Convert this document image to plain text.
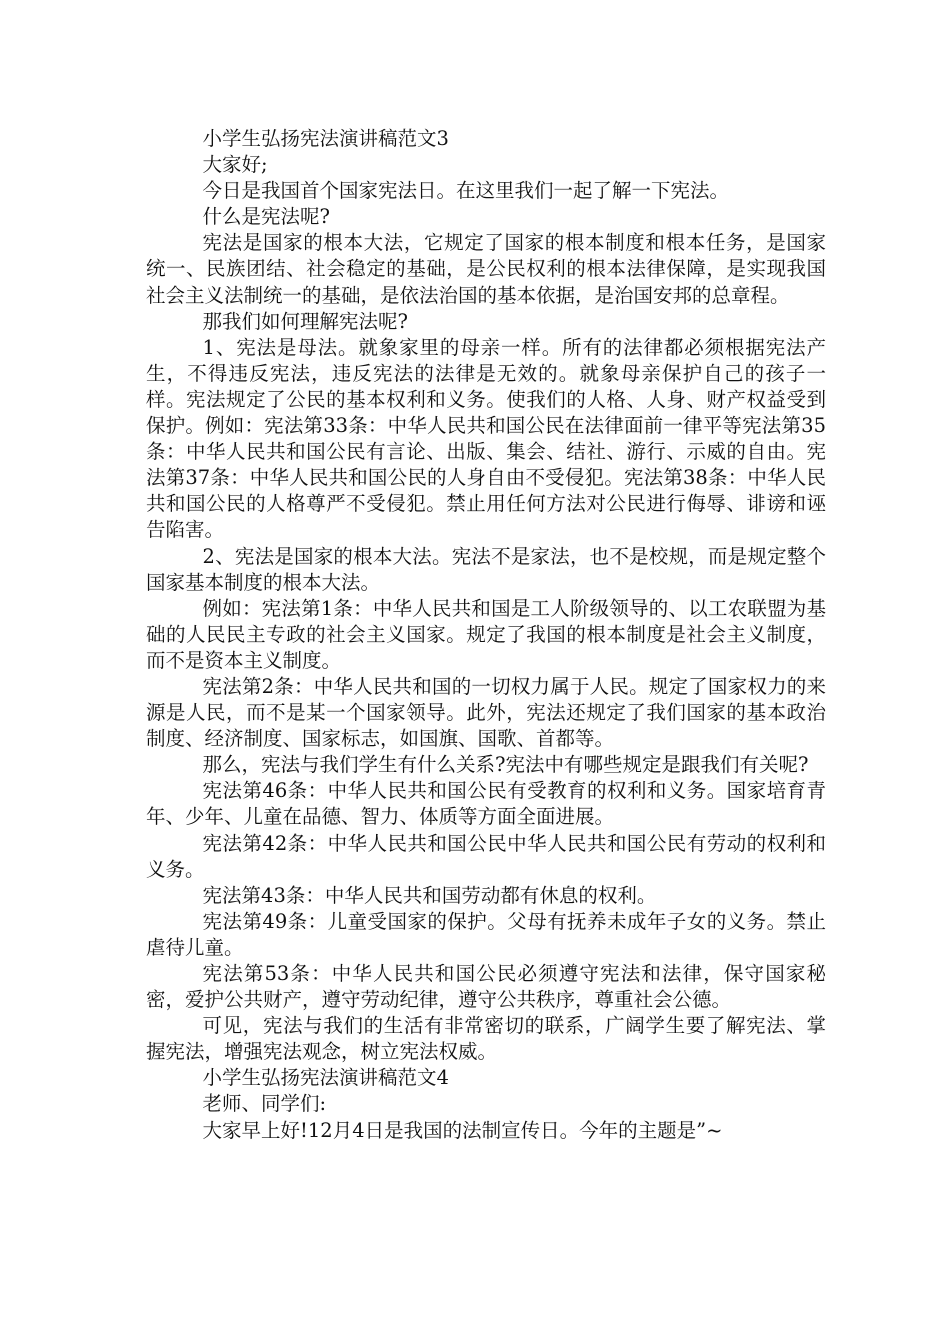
小学生弘扬宪法演讲稿范文3

大家好;

今日是我国首个国家宪法日。在这里我们一起了解一下宪法。

什么是宪法呢?

宪法是国家的根本大法，它规定了国家的根本制度和根本任务，是国家统一、民族团结、社会稳定的基础，是公民权利的根本法律保障，是实现我国社会主义法制统一的基础，是依法治国的基本依据，是治国安邦的总章程。

那我们如何理解宪法呢?

1、宪法是母法。就象家里的母亲一样。所有的法律都必须根据宪法产生，不得违反宪法，违反宪法的法律是无效的。就象母亲保护自己的孩子一样。宪法规定了公民的基本权利和义务。使我们的人格、人身、财产权益受到保护。例如：宪法第33条：中华人民共和国公民在法律面前一律平等宪法第35条：中华人民共和国公民有言论、出版、集会、结社、游行、示威的自由。宪法第37条：中华人民共和国公民的人身自由不受侵犯。宪法第38条：中华人民共和国公民的人格尊严不受侵犯。禁止用任何方法对公民进行侮辱、诽谤和诬告陷害。

2、宪法是国家的根本大法。宪法不是家法，也不是校规，而是规定整个国家基本制度的根本大法。

例如：宪法第1条：中华人民共和国是工人阶级领导的、以工农联盟为基础的人民民主专政的社会主义国家。规定了我国的根本制度是社会主义制度，而不是资本主义制度。

宪法第2条：中华人民共和国的一切权力属于人民。规定了国家权力的来源是人民，而不是某一个国家领导。此外，宪法还规定了我们国家的基本政治制度、经济制度、国家标志，如国旗、国歌、首都等。

那么，宪法与我们学生有什么关系?宪法中有哪些规定是跟我们有关呢?

宪法第46条：中华人民共和国公民有受教育的权利和义务。国家培育青年、少年、儿童在品德、智力、体质等方面全面进展。

宪法第42条：中华人民共和国公民中华人民共和国公民有劳动的权利和义务。

宪法第43条：中华人民共和国劳动都有休息的权利。

宪法第49条：儿童受国家的保护。父母有抚养未成年子女的义务。禁止虐待儿童。

宪法第53条：中华人民共和国公民必须遵守宪法和法律，保守国家秘密，爱护公共财产，遵守劳动纪律，遵守公共秩序，尊重社会公德。

可见，宪法与我们的生活有非常密切的联系，广阔学生要了解宪法、掌握宪法，增强宪法观念，树立宪法权威。

小学生弘扬宪法演讲稿范文4

老师、同学们:

大家早上好!12月4日是我国的法制宣传日。今年的主题是”~
